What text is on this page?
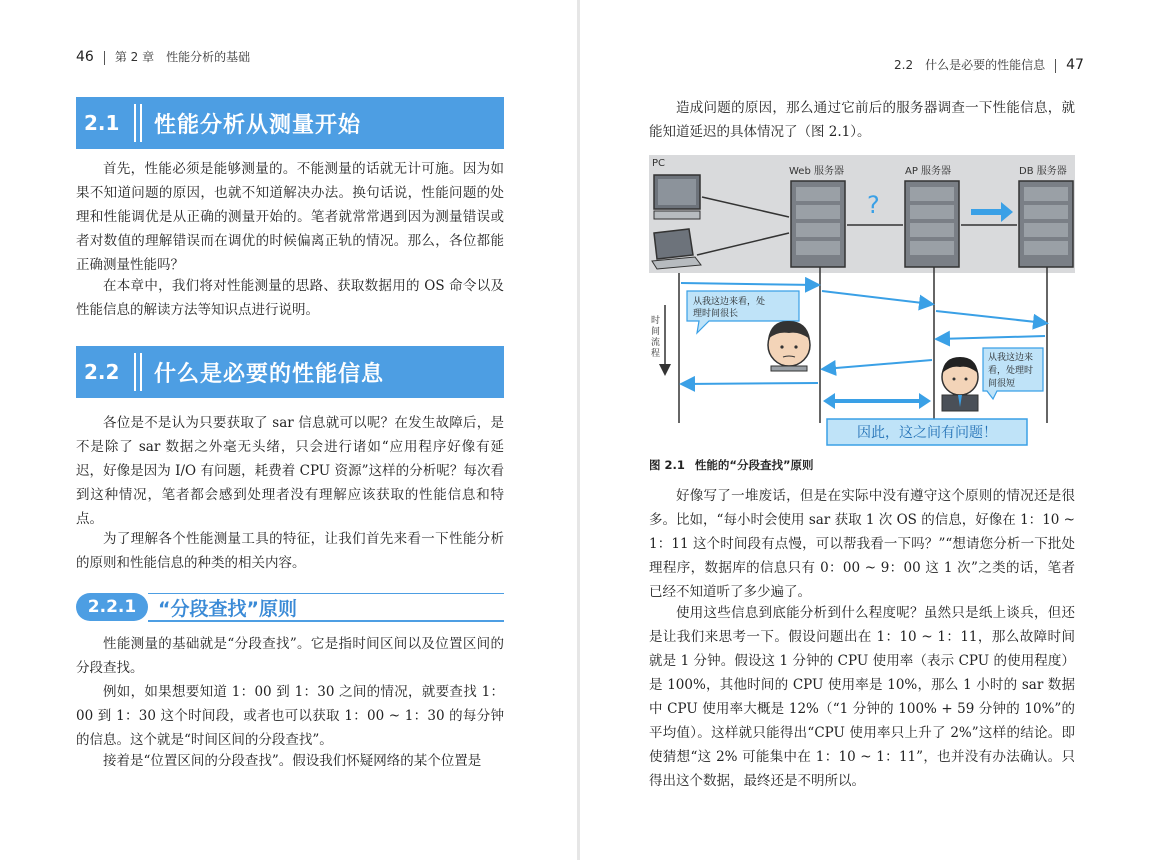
46 第 2 章　性能分析的基础
2.1	性能分析从测量开始

首先，性能必须是能够测量的。不能测量的话就无计可施。因为如果不知道问题的原因，也就不知道解决办法。换句话说，性能问题的处理和性能调优是从正确的测量开始的。笔者就常常遇到因为测量错误或者对数值的理解错误而在调优的时候偏离正轨的情况。那么，各位都能正确测量性能吗？

在本章中，我们将对性能测量的思路、获取数据用的 OS 命令以及性能信息的解读方法等知识点进行说明。

2.2	什么是必要的性能信息

各位是不是认为只要获取了 sar 信息就可以呢？在发生故障后，是不是除了 sar 数据之外毫无头绪，只会进行诸如“应用程序好像有延迟，好像是因为 I/O 有问题，耗费着 CPU 资源”这样的分析呢？每次看到这种情况，笔者都会感到处理者没有理解应该获取的性能信息和特点。

为了理解各个性能测量工具的特征，让我们首先来看一下性能分析的原则和性能信息的种类的相关内容。

2.2.1	“分段查找”原则

性能测量的基础就是“分段查找”。它是指时间区间以及位置区间的分段查找。

例如，如果想要知道 1：00 到 1：30 之间的情况，就要查找 1：00 到 1：30 这个时间段，或者也可以获取 1：00 ~ 1：30 的每分钟的信息。这个就是“时间区间的分段查找”。

接着是“位置区间的分段查找”。假设我们怀疑网络的某个位置是

2.2　什么是必要的性能信息 47

造成问题的原因，那么通过它前后的服务器调查一下性能信息，就能知道延迟的具体情况了（图 2.1）。

PC
Web 服务器	AP 服务器	DB 服务器
?
时
间
流
程
从我这边来看，处
理时间很长
从我这边来
看，处理时
间很短
因此，这之间有问题！
图 2.1 性能的“分段查找”原则

好像写了一堆废话，但是在实际中没有遵守这个原则的情况还是很多。比如，“每小时会使用 sar 获取 1 次 OS 的信息，好像在 1：10 ~ 1：11 这个时间段有点慢，可以帮我看一下吗？”“想请您分析一下批处理程序，数据库的信息只有 0：00 ~ 9：00 这 1 次”之类的话，笔者已经不知道听了多少遍了。

使用这些信息到底能分析到什么程度呢？虽然只是纸上谈兵，但还是让我们来思考一下。假设问题出在 1：10 ~ 1：11，那么故障时间就是 1 分钟。假设这 1 分钟的 CPU 使用率（表示 CPU 的使用程度）是 100%，其他时间的 CPU 使用率是 10%，那么 1 小时的 sar 数据中 CPU 使用率大概是 12%（“1 分钟的 100% + 59 分钟的 10%”的平均值）。这样就只能得出“CPU 使用率只上升了 2%”这样的结论。即使猜想“这 2% 可能集中在 1：10 ~ 1：11”，也并没有办法确认。只得出这个数据，最终还是不明所以。
